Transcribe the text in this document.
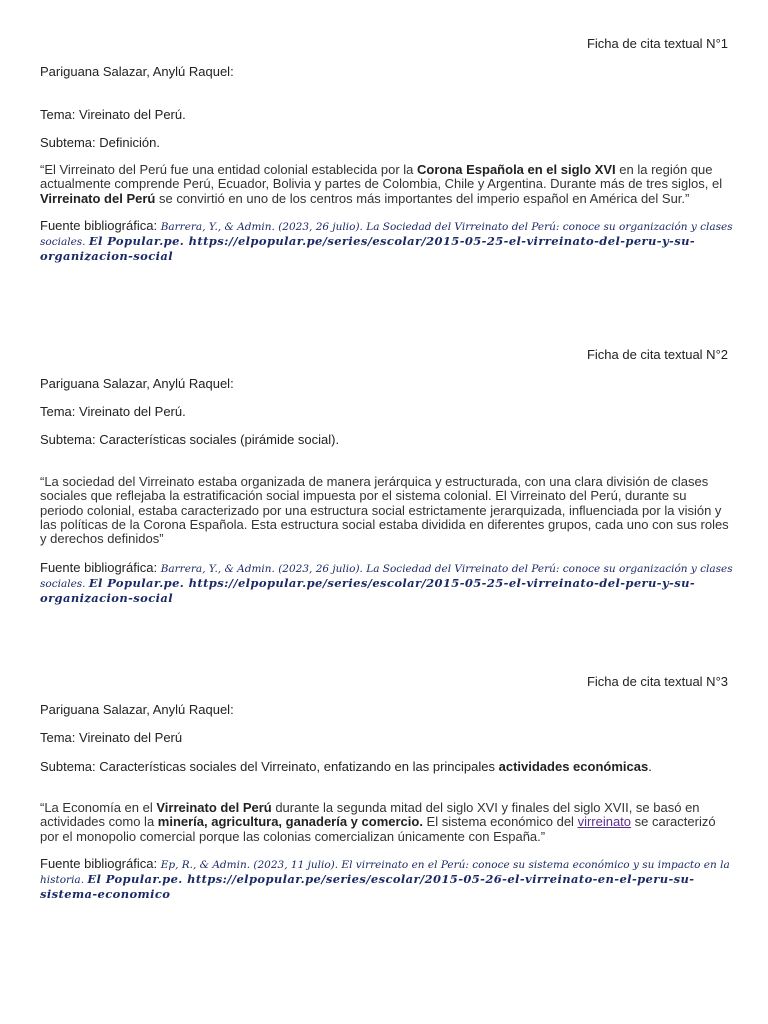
Ficha de cita textual N°1
Pariguana Salazar, Anylú Raquel:
Tema: Vireinato del Perú.
Subtema: Definición.
“El Virreinato del Perú fue una entidad colonial establecida por la Corona Española en el siglo XVI en la región que actualmente comprende Perú, Ecuador, Bolivia y partes de Colombia, Chile y Argentina. Durante más de tres siglos, el Virreinato del Perú se convirtió en uno de los centros más importantes del imperio español en América del Sur.”
Fuente bibliográfica: Barrera, Y., & Admin. (2023, 26 julio). La Sociedad del Virreinato del Perú: conoce su organización y clases sociales. El Popular.pe. https://elpopular.pe/series/escolar/2015-05-25-el-virreinato-del-peru-y-su-organizacion-social
Ficha de cita textual N°2
Pariguana Salazar, Anylú Raquel:
Tema: Vireinato del Perú.
Subtema: Características sociales (pirámide social).
“La sociedad del Virreinato estaba organizada de manera jerárquica y estructurada, con una clara división de clases sociales que reflejaba la estratificación social impuesta por el sistema colonial. El Virreinato del Perú, durante su periodo colonial, estaba caracterizado por una estructura social estrictamente jerarquizada, influenciada por la visión y las políticas de la Corona Española. Esta estructura social estaba dividida en diferentes grupos, cada uno con sus roles y derechos definidos”
Fuente bibliográfica: Barrera, Y., & Admin. (2023, 26 julio). La Sociedad del Virreinato del Perú: conoce su organización y clases sociales. El Popular.pe. https://elpopular.pe/series/escolar/2015-05-25-el-virreinato-del-peru-y-su-organizacion-social
Ficha de cita textual N°3
Pariguana Salazar, Anylú Raquel:
Tema: Vireinato del Perú
Subtema: Características sociales del Virreinato, enfatizando en las principales actividades económicas.
“La Economía en el Virreinato del Perú durante la segunda mitad del siglo XVI y finales del siglo XVII, se basó en actividades como la minería, agricultura, ganadería y comercio. El sistema económico del virreinato se caracterizó por el monopolio comercial porque las colonias comercializan únicamente con España.”
Fuente bibliográfica: Ep, R., & Admin. (2023, 11 julio). El virreinato en el Perú: conoce su sistema económico y su impacto en la historia. El Popular.pe. https://elpopular.pe/series/escolar/2015-05-26-el-virreinato-en-el-peru-su-sistema-economico
